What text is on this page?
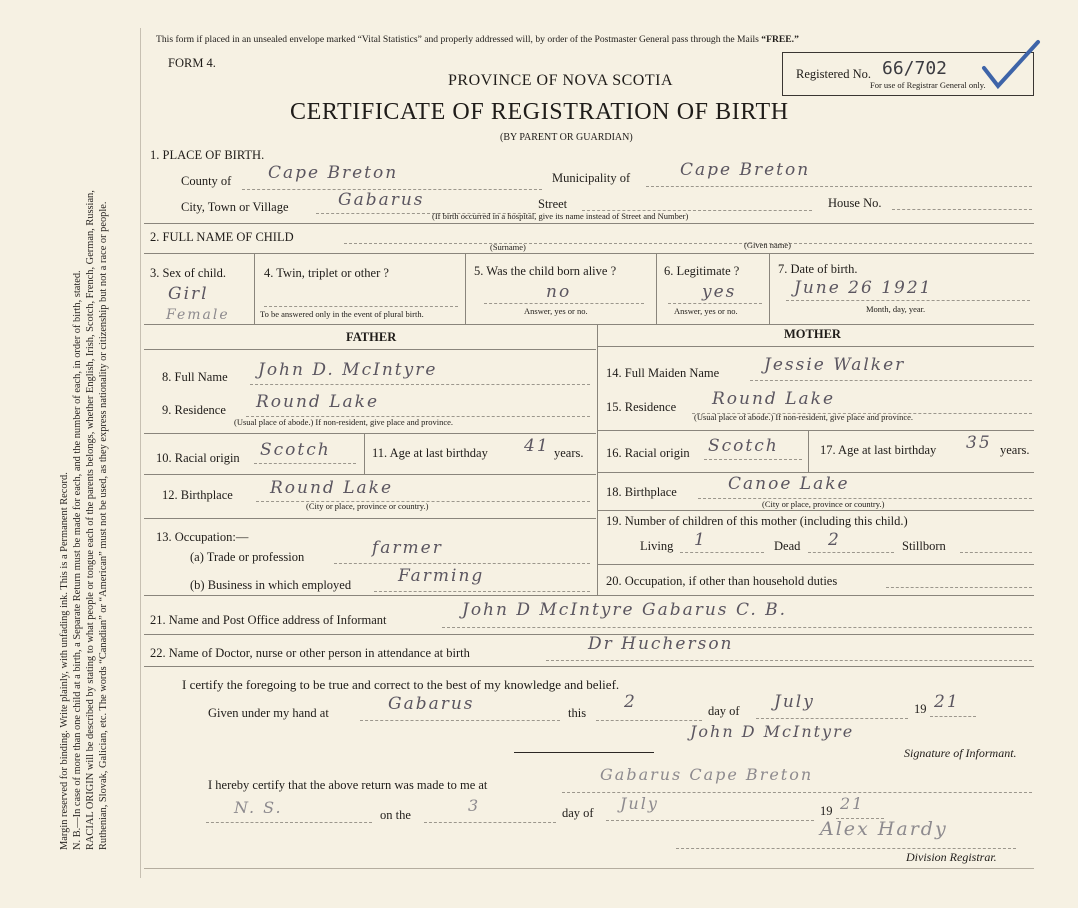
Margin reserved for binding. Write plainly, with unfading ink. This is a Permanent Record. N. B.—In case of more than one child at a birth, a Separate Return must be made for each, and the number of each, in order of birth, stated. RACIAL ORIGIN will be described by stating to what people or tongue each of the parents belongs, whether English, Irish, Scotch, French, German, Russian, Ruthenian, Slovak, Galician, etc. The words “Canadian” or “American” must not be used, as they express nationality or citizenship but not a race or people.
This form if placed in an unsealed envelope marked “Vital Statistics” and properly addressed will, by order of the Postmaster General pass through the Mails “FREE.”
FORM 4.
PROVINCE OF NOVA SCOTIA
CERTIFICATE OF REGISTRATION OF BIRTH
(BY PARENT OR GUARDIAN)
Registered No. 66/702
For use of Registrar General only.
1. PLACE OF BIRTH.
County of Cape Breton	Municipality of	Cape Breton
City, Town or Village	Gabarus	Street
(If birth occurred in a hospital, give its name instead of Street and Number)
House No.
2. FULL NAME OF CHILD
(Surname)	(Given name)
3. Sex of child.
Girl
Female
4. Twin, triplet or other ?
To be answered only in the event of plural birth.
5. Was the child born alive ?
no
Answer, yes or no.
6. Legitimate ?
yes
Answer, yes or no.
7. Date of birth.
June 26 1921
Month, day, year.
FATHER	MOTHER
8. Full Name John D. McIntyre
9. Residence Round Lake
(Usual place of abode.) If non-resident, give place and province.
10. Racial origin Scotch	11. Age at last birthday 41 years.
12. Birthplace Round Lake
(City or place, province or country.)
13. Occupation:—
(a) Trade or profession	farmer
(b) Business in which employed	Farming
14. Full Maiden Name	Jessie Walker
15. Residence Round Lake
(Usual place of abode.) If non-resident, give place and province.
16. Racial origin Scotch	17. Age at last birthday 35 years.
18. Birthplace	Canoe Lake
(City or place, province or country.)
19. Number of children of this mother (including this child.)
Living 1	Dead 2	Stillborn
20. Occupation, if other than household duties
21. Name and Post Office address of Informant	John D McIntyre Gabarus C. B.
22. Name of Doctor, nurse or other person in attendance at birth	Dr Hucherson
I certify the foregoing to be true and correct to the best of my knowledge and belief.
Given under my hand at	Gabarus	this
2	day of July	19 21
John D McIntyre
Signature of Informant.
I hereby certify that the above return was made to me at
Gabarus Cape Breton
N. S.	on the	3	day of July	19 21
Alex Hardy
Division Registrar.
